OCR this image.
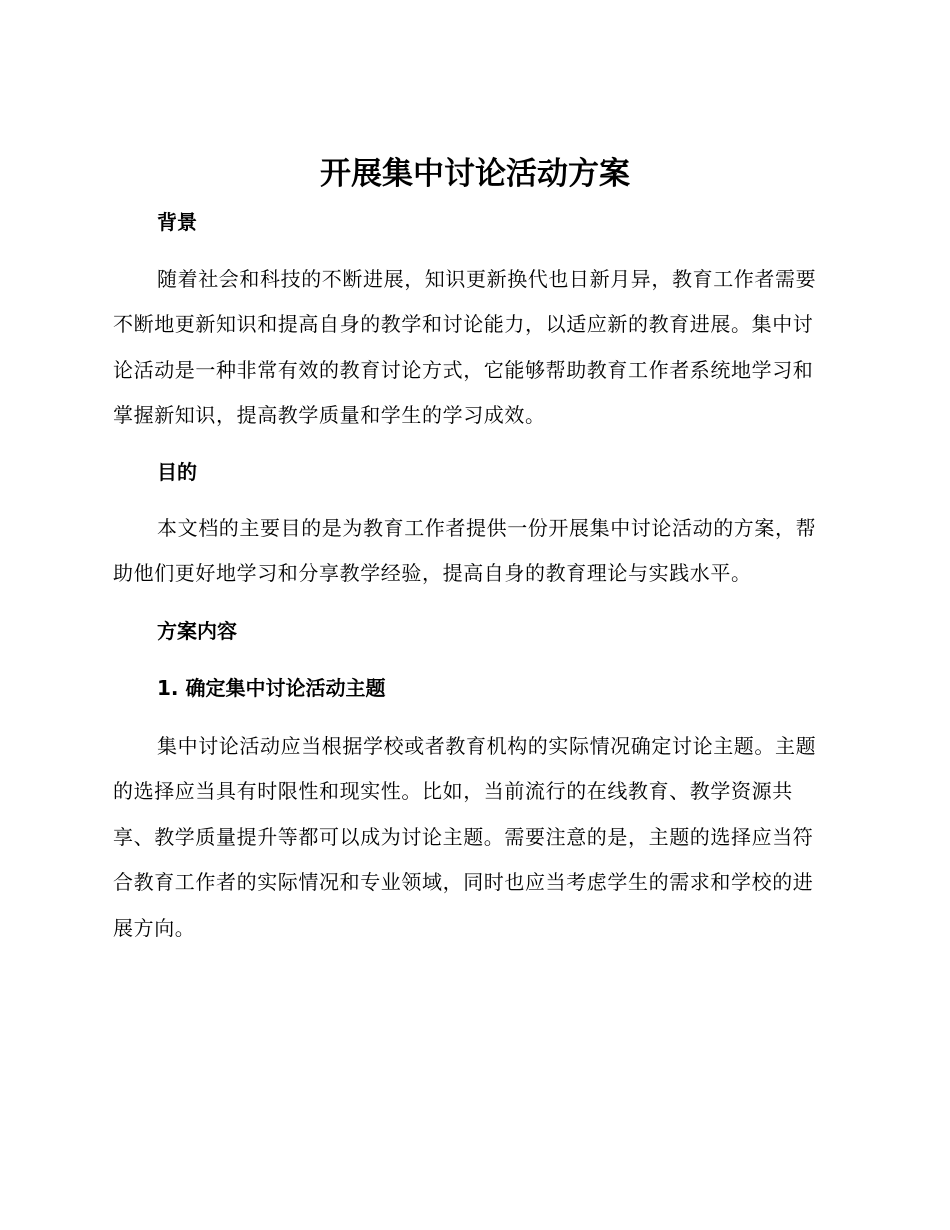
开展集中讨论活动方案
背景

随着社会和科技的不断进展，知识更新换代也日新月异，教育工作者需要不断地更新知识和提高自身的教学和讨论能力，以适应新的教育进展。集中讨论活动是一种非常有效的教育讨论方式，它能够帮助教育工作者系统地学习和掌握新知识，提高教学质量和学生的学习成效。

目的

本文档的主要目的是为教育工作者提供一份开展集中讨论活动的方案，帮助他们更好地学习和分享教学经验，提高自身的教育理论与实践水平。

方案内容
1. 确定集中讨论活动主题

集中讨论活动应当根据学校或者教育机构的实际情况确定讨论主题。主题的选择应当具有时限性和现实性。比如，当前流行的在线教育、教学资源共享、教学质量提升等都可以成为讨论主题。需要注意的是，主题的选择应当符合教育工作者的实际情况和专业领域，同时也应当考虑学生的需求和学校的进展方向。
